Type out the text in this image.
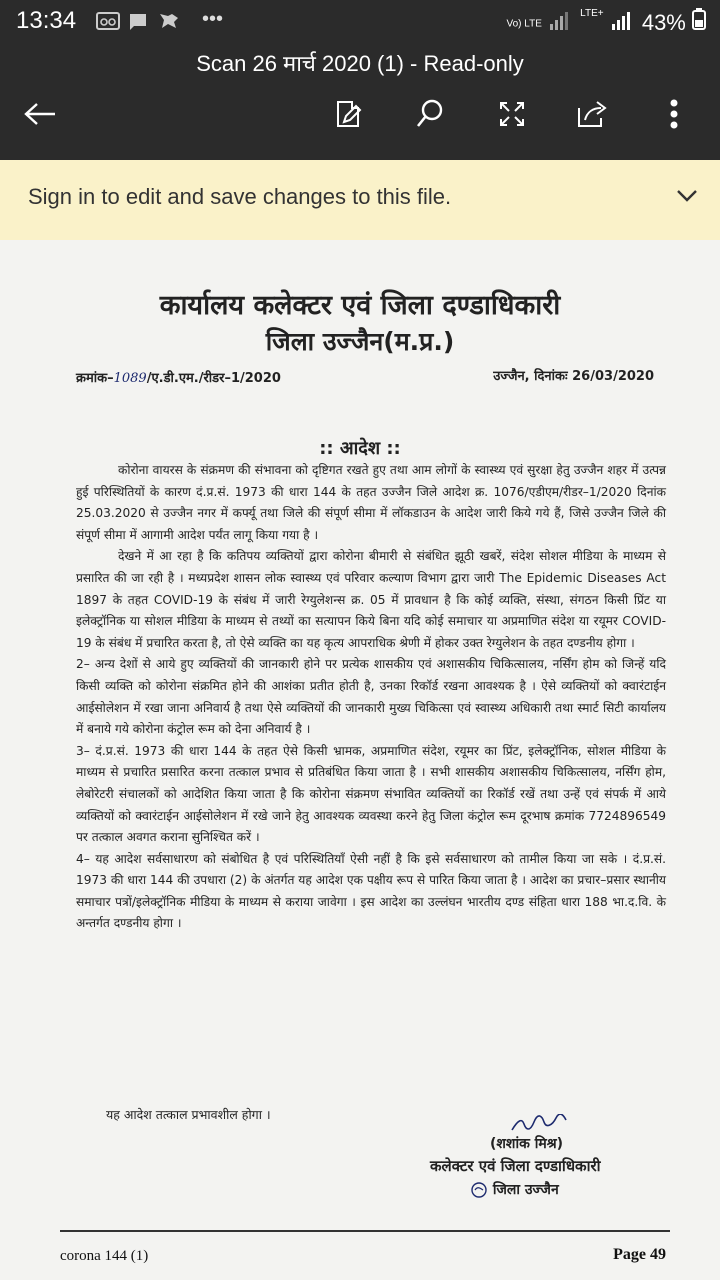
13:34	•••	Vo) LTE  $^{LTE+}$ 43%
Scan 26 मार्च 2020 (1) - Read-only
Sign in to edit and save changes to this file.
कार्यालय कलेक्टर एवं जिला दण्डाधिकारी
जिला उज्जैन(म.प्र.)
क्रमांक–1089/ए.डी.एम./रीडर–1/2020	उज्जैन, दिनांकः 26/03/2020
:: आदेश ::

कोरोना वायरस के संक्रमण की संभावना को दृष्टिगत रखते हुए तथा आम लोगों के स्वास्थ्य एवं सुरक्षा हेतु उज्जैन शहर में उत्पन्न हुई परिस्थितियों के कारण दं.प्र.सं. 1973 की धारा 144 के तहत उज्जैन जिले आदेश क्र. 1076/एडीएम/रीडर–1/2020 दिनांक 25.03.2020 से उज्जैन नगर में कर्फ्यू तथा जिले की संपूर्ण सीमा में लॉकडाउन के आदेश जारी किये गये हैं, जिसे उज्जैन जिले की संपूर्ण सीमा में आगामी आदेश पर्यंत लागू किया गया है ।

देखने में आ रहा है कि कतिपय व्यक्तियों द्वारा कोरोना बीमारी से संबंधित झूठी खबरें, संदेश सोशल मीडिया के माध्यम से प्रसारित की जा रही है । मध्यप्रदेश शासन लोक स्वास्थ्य एवं परिवार कल्याण विभाग द्वारा जारी The Epidemic Diseases Act 1897 के तहत COVID-19 के संबंध में जारी रेग्युलेशन्स क्र. 05 में प्रावधान है कि कोई व्यक्ति, संस्था, संगठन किसी प्रिंट या इलेक्ट्रॉनिक या सोशल मीडिया के माध्यम से तथ्यों का सत्यापन किये बिना यदि कोई समाचार या अप्रमाणित संदेश या रयूमर COVID-19 के संबंध में प्रचारित करता है, तो ऐसे व्यक्ति का यह कृत्य आपराधिक श्रेणी में होकर उक्त रेग्युलेशन के तहत दण्डनीय होगा ।

2– अन्य देशों से आये हुए व्यक्तियों की जानकारी होने पर प्रत्येक शासकीय एवं अशासकीय चिकित्सालय, नर्सिंग होम को जिन्हें यदि किसी व्यक्ति को कोरोना संक्रमित होने की आशंका प्रतीत होती है, उनका रिकॉर्ड रखना आवश्यक है । ऐसे व्यक्तियों को क्वारंटाईन आईसोलेशन में रखा जाना अनिवार्य है तथा ऐसे व्यक्तियों की जानकारी मुख्य चिकित्सा एवं स्वास्थ्य अधिकारी तथा स्मार्ट सिटी कार्यालय में बनाये गये कोरोना कंट्रोल रूम को देना अनिवार्य है ।

3– दं.प्र.सं. 1973 की धारा 144 के तहत ऐसे किसी भ्रामक, अप्रमाणित संदेश, रयूमर का प्रिंट, इलेक्ट्रॉनिक, सोशल मीडिया के माध्यम से प्रचारित प्रसारित करना तत्काल प्रभाव से प्रतिबंधित किया जाता है । सभी शासकीय अशासकीय चिकित्सालय, नर्सिंग होम, लेबोरेटरी संचालकों को आदेशित किया जाता है कि कोरोना संक्रमण संभावित व्यक्तियों का रिकॉर्ड रखें तथा उन्हें एवं संपर्क में आये व्यक्तियों को क्वारंटाईन आईसोलेशन में रखे जाने हेतु आवश्यक व्यवस्था करने हेतु जिला कंट्रोल रूम दूरभाष क्रमांक 7724896549 पर तत्काल अवगत कराना सुनिश्चित करें ।

4– यह आदेश सर्वसाधारण को संबोधित है एवं परिस्थितियाँ ऐसी नहीं है कि इसे सर्वसाधारण को तामील किया जा सके । दं.प्र.सं. 1973 की धारा 144 की उपधारा (2) के अंतर्गत यह आदेश एक पक्षीय रूप से पारित किया जाता है । आदेश का प्रचार–प्रसार स्थानीय समाचार पत्रों/इलेक्ट्रॉनिक मीडिया के माध्यम से कराया जावेगा । इस आदेश का उल्लंघन भारतीय दण्ड संहिता धारा 188 भा.द.वि. के अन्तर्गत दण्डनीय होगा ।

यह आदेश तत्काल प्रभावशील होगा ।
(शशांक मिश्र)
कलेक्टर एवं जिला दण्डाधिकारी
जिला उज्जैन
corona 144 (1)	Page 49
